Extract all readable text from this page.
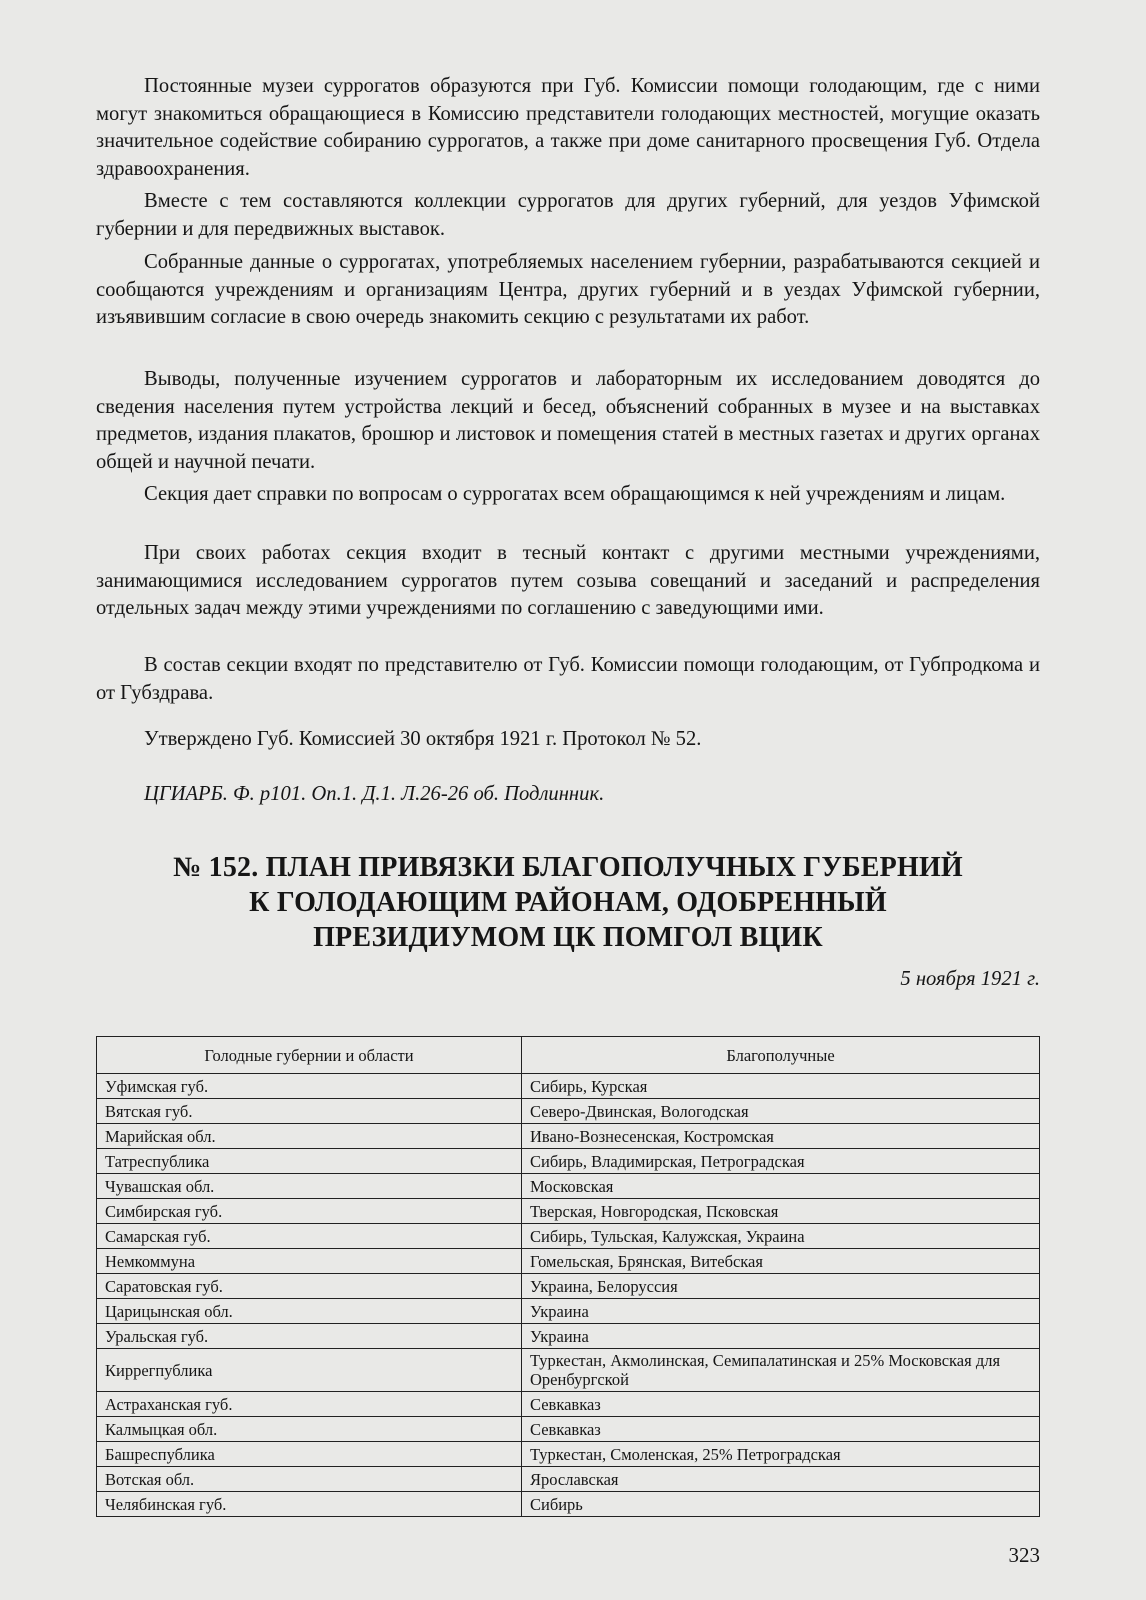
Постоянные музеи суррогатов образуются при Губ. Комиссии помощи голодающим, где с ними могут знакомиться обращающиеся в Комиссию представители голодающих местностей, могущие оказать значительное содействие собиранию суррогатов, а также при доме санитарного просвещения Губ. Отдела здравоохранения.

Вместе с тем составляются коллекции суррогатов для других губерний, для уездов Уфимской губернии и для передвижных выставок.

Собранные данные о суррогатах, употребляемых населением губернии, разрабатываются секцией и сообщаются учреждениям и организациям Центра, других губерний и в уездах Уфимской губернии, изъявившим согласие в свою очередь знакомить секцию с результатами их работ.

Выводы, полученные изучением суррогатов и лабораторным их исследованием доводятся до сведения населения путем устройства лекций и бесед, объяснений собранных в музее и на выставках предметов, издания плакатов, брошюр и листовок и помещения статей в местных газетах и других органах общей и научной печати.

Секция дает справки по вопросам о суррогатах всем обращающимся к ней учреждениям и лицам.

При своих работах секция входит в тесный контакт с другими местными учреждениями, занимающимися исследованием суррогатов путем созыва совещаний и заседаний и распределения отдельных задач между этими учреждениями по соглашению с заведующими ими.

В состав секции входят по представителю от Губ. Комиссии помощи голодающим, от Губпродкома и от Губздрава.

Утверждено Губ. Комиссией 30 октября 1921 г. Протокол № 52.

ЦГИАРБ. Ф. р101. Оп.1. Д.1. Л.26-26 об. Подлинник.

№ 152. ПЛАН ПРИВЯЗКИ БЛАГОПОЛУЧНЫХ ГУБЕРНИЙ
К ГОЛОДАЮЩИМ РАЙОНАМ, ОДОБРЕННЫЙ
ПРЕЗИДИУМОМ ЦК ПОМГОЛ ВЦИК

5 ноября 1921 г.

Голодные губернии и области	Благополучные
Уфимская губ.	Сибирь, Курская
Вятская губ.	Северо-Двинская, Вологодская
Марийская обл.	Ивано-Вознесенская, Костромская
Татреспублика	Сибирь, Владимирская, Петроградская
Чувашская обл.	Московская
Симбирская губ.	Тверская, Новгородская, Псковская
Самарская губ.	Сибирь, Тульская, Калужская, Украина
Немкоммуна	Гомельская, Брянская, Витебская
Саратовская губ.	Украина, Белоруссия
Царицынская обл.	Украина
Уральская губ.	Украина
Киррегпублика	Туркестан, Акмолинская, Семипалатинская и 25% Московская для Оренбургской
Астраханская губ.	Севкавказ
Калмыцкая обл.	Севкавказ
Башреспублика	Туркестан, Смоленская, 25% Петроградская
Вотская обл.	Ярославская
Челябинская губ.	Сибирь

323
